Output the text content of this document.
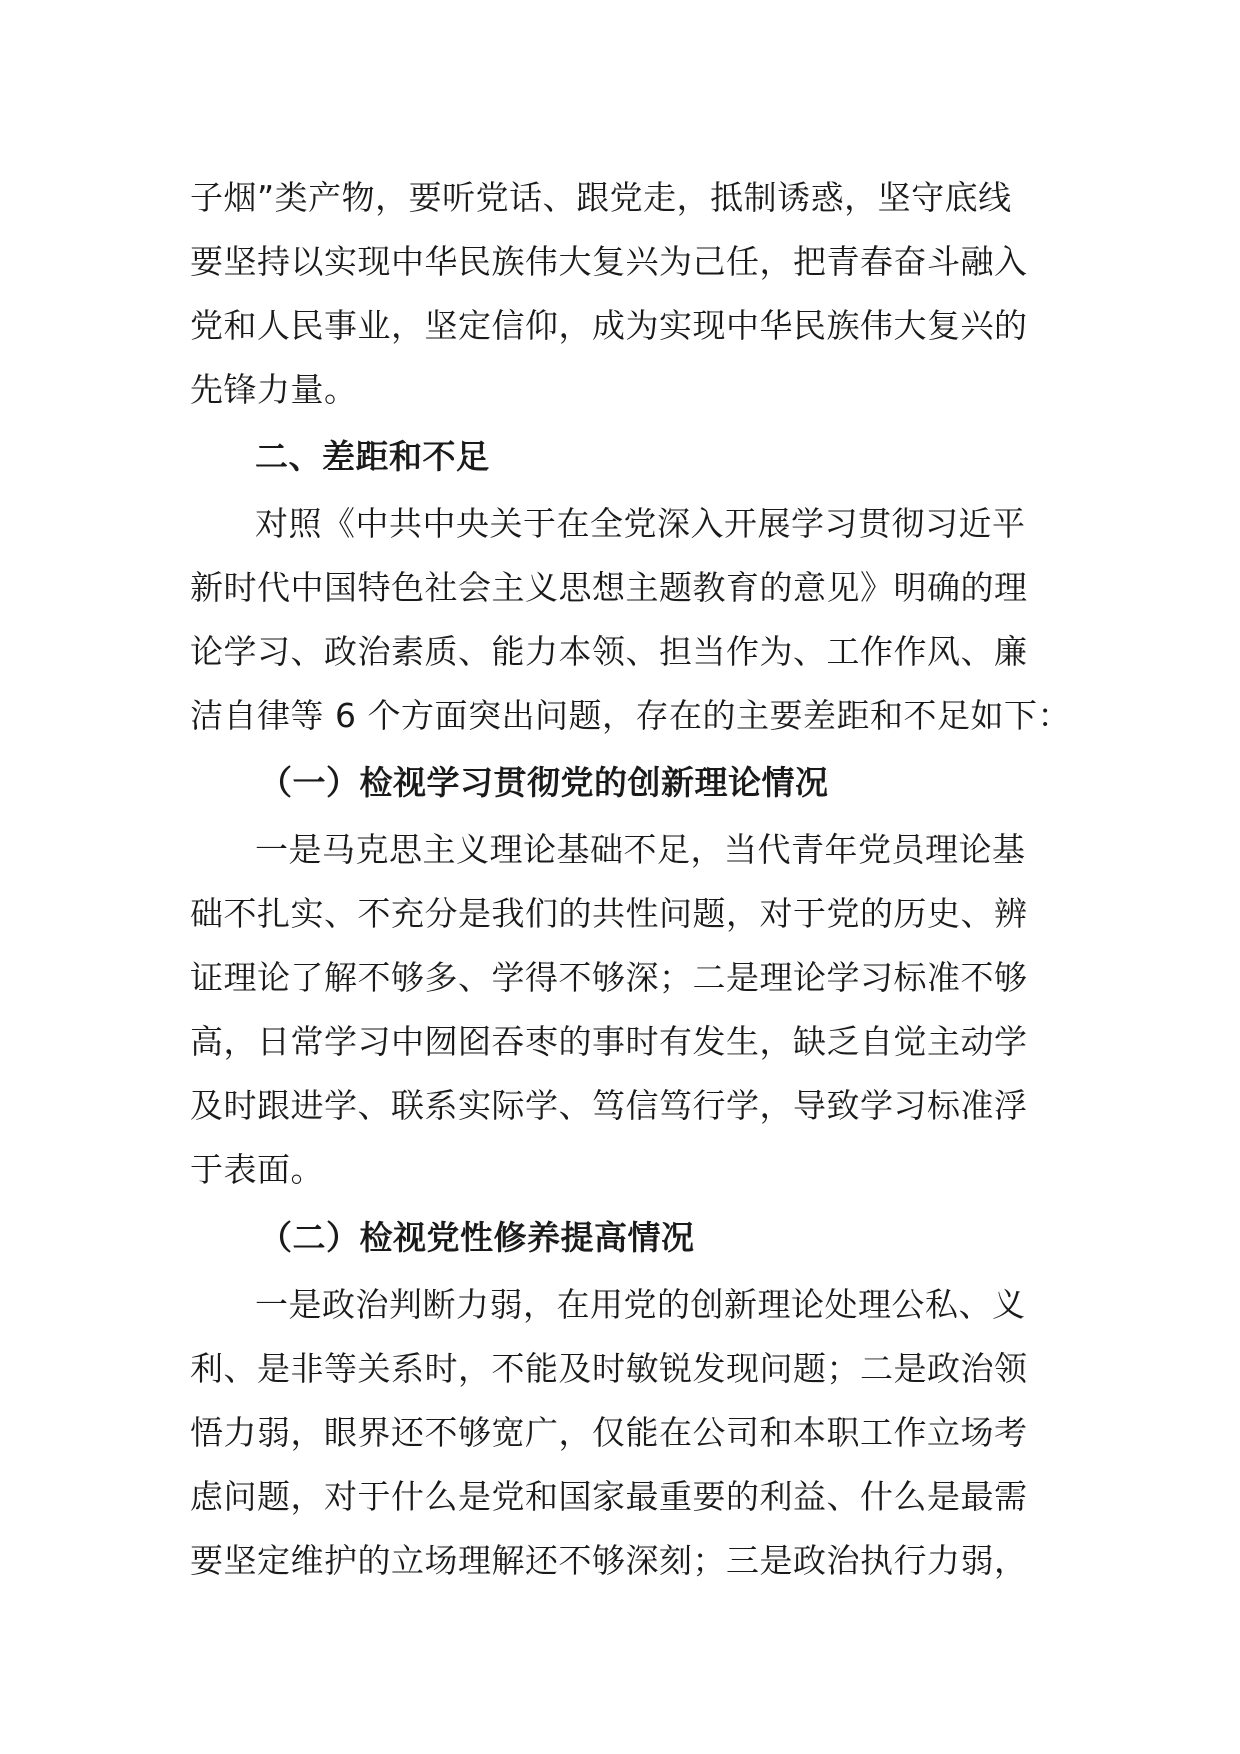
子烟”类产物，要听党话、跟党走，抵制诱惑，坚守底线
要坚持以实现中华民族伟大复兴为己任，把青春奋斗融入
党和人民事业，坚定信仰，成为实现中华民族伟大复兴的
先锋力量。
二、差距和不足
对照《中共中央关于在全党深入开展学习贯彻习近平
新时代中国特色社会主义思想主题教育的意见》明确的理
论学习、政治素质、能力本领、担当作为、工作作风、廉
洁自律等 6 个方面突出问题，存在的主要差距和不足如下：
（一）检视学习贯彻党的创新理论情况
一是马克思主义理论基础不足，当代青年党员理论基
础不扎实、不充分是我们的共性问题，对于党的历史、辨
证理论了解不够多、学得不够深；二是理论学习标准不够
高，日常学习中囫囵吞枣的事时有发生，缺乏自觉主动学
及时跟进学、联系实际学、笃信笃行学，导致学习标准浮
于表面。
（二）检视党性修养提高情况
一是政治判断力弱，在用党的创新理论处理公私、义
利、是非等关系时，不能及时敏锐发现问题；二是政治领
悟力弱，眼界还不够宽广，仅能在公司和本职工作立场考
虑问题，对于什么是党和国家最重要的利益、什么是最需
要坚定维护的立场理解还不够深刻；三是政治执行力弱，
